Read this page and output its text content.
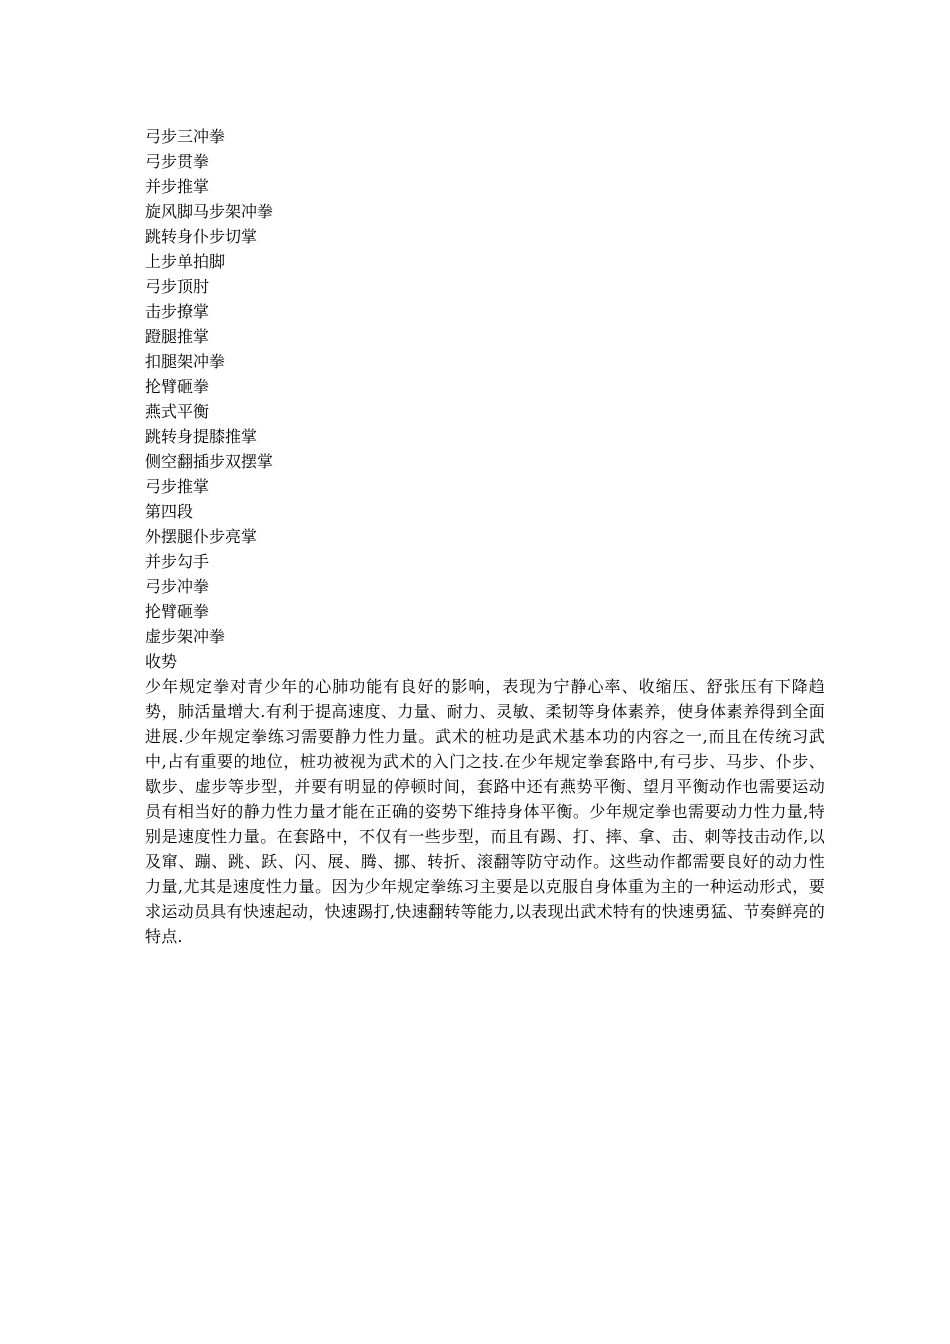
弓步三冲拳
弓步贯拳
并步推掌
旋风脚马步架冲拳
跳转身仆步切掌
上步单拍脚
弓步顶肘
击步撩掌
蹬腿推掌
扣腿架冲拳
抡臂砸拳
燕式平衡
跳转身提膝推掌
侧空翻插步双摆掌
弓步推掌
第四段
外摆腿仆步亮掌
并步勾手
弓步冲拳
抡臂砸拳
虚步架冲拳
收势

少年规定拳对青少年的心肺功能有良好的影响，表现为宁静心率、收缩压、舒张压有下降趋势，肺活量增大.有利于提高速度、力量、耐力、灵敏、柔韧等身体素养，使身体素养得到全面进展.少年规定拳练习需要静力性力量。武术的桩功是武术基本功的内容之一,而且在传统习武中,占有重要的地位，桩功被视为武术的入门之技.在少年规定拳套路中,有弓步、马步、仆步、歇步、虚步等步型，并要有明显的停顿时间，套路中还有燕势平衡、望月平衡动作也需要运动员有相当好的静力性力量才能在正确的姿势下维持身体平衡。少年规定拳也需要动力性力量,特别是速度性力量。在套路中，不仅有一些步型，而且有踢、打、摔、拿、击、刺等技击动作,以及窜、蹦、跳、跃、闪、展、腾、挪、转折、滚翻等防守动作。这些动作都需要良好的动力性力量,尤其是速度性力量。因为少年规定拳练习主要是以克服自身体重为主的一种运动形式，要求运动员具有快速起动，快速踢打,快速翻转等能力,以表现出武术特有的快速勇猛、节奏鲜亮的特点.
